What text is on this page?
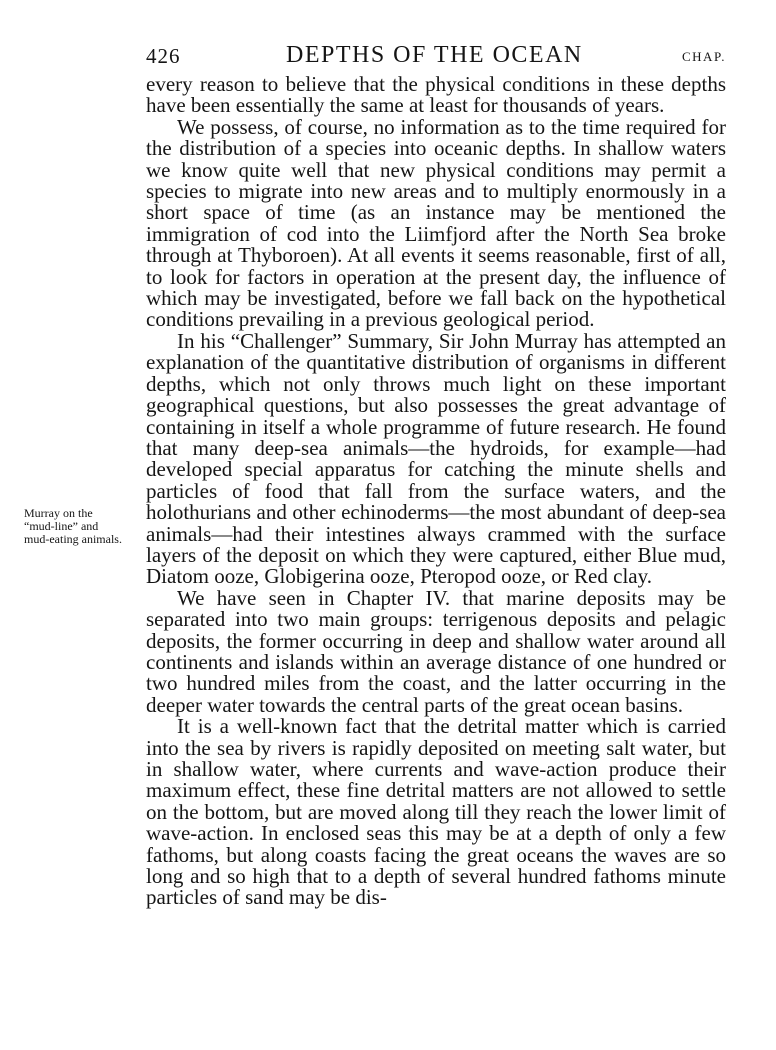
426	DEPTHS OF THE OCEAN	CHAP.
Murray on the “mud-line” and mud-eating animals.

every reason to believe that the physical conditions in these depths have been essentially the same at least for thousands of years.

We possess, of course, no information as to the time required for the distribution of a species into oceanic depths. In shallow waters we know quite well that new physical conditions may permit a species to migrate into new areas and to multiply enormously in a short space of time (as an instance may be mentioned the immigration of cod into the Liimfjord after the North Sea broke through at Thyboroen). At all events it seems reasonable, first of all, to look for factors in operation at the present day, the influence of which may be investigated, before we fall back on the hypothetical conditions prevailing in a previous geological period.

In his “Challenger” Summary, Sir John Murray has attempted an explanation of the quantitative distribution of organisms in different depths, which not only throws much light on these important geographical questions, but also possesses the great advantage of containing in itself a whole programme of future research. He found that many deep-sea animals—the hydroids, for example—had developed special apparatus for catching the minute shells and particles of food that fall from the surface waters, and the holothurians and other echinoderms—the most abundant of deep-sea animals—had their intestines always crammed with the surface layers of the deposit on which they were captured, either Blue mud, Diatom ooze, Globigerina ooze, Pteropod ooze, or Red clay.

We have seen in Chapter IV. that marine deposits may be separated into two main groups: terrigenous deposits and pelagic deposits, the former occurring in deep and shallow water around all continents and islands within an average distance of one hundred or two hundred miles from the coast, and the latter occurring in the deeper water towards the central parts of the great ocean basins.

It is a well-known fact that the detrital matter which is carried into the sea by rivers is rapidly deposited on meeting salt water, but in shallow water, where currents and wave-action produce their maximum effect, these fine detrital matters are not allowed to settle on the bottom, but are moved along till they reach the lower limit of wave-action. In enclosed seas this may be at a depth of only a few fathoms, but along coasts facing the great oceans the waves are so long and so high that to a depth of several hundred fathoms minute particles of sand may be dis-
